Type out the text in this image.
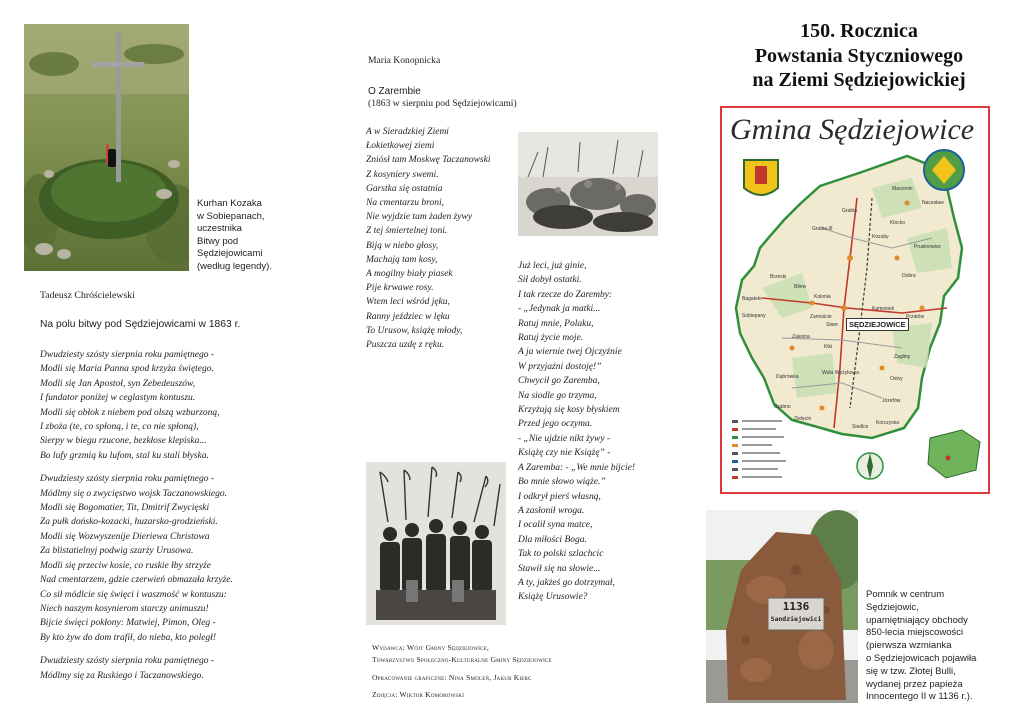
Kurhan Kozaka
w Sobiepanach,
uczestnika
Bitwy pod
Sędziejowicami
(według legendy).
Tadeusz Chróścielewski
Na polu bitwy pod Sędziejowicami w 1863 r.
Dwudziesty szósty sierpnia roku pamiętnego -
Modli się Maria Panna spod krzyża świętego.
Modli się Jan Apostoł, syn Zebedeuszów,
I fundator poniżej w ceglastym kontuszu.
Modli się obłok z niebem pod olszą wzburzoną,
I zboża (te, co spłoną, i te, co nie spłoną),
Sierpy w biegu rzucone, bezkłose klepiska...
Bo lufy grzmią ku lufom, stal ku stali błyska.
Dwudziesty szósty sierpnia roku pamiętnego -
Módlmy się o zwycięstwo wojsk Taczanowskiego.
Modli się Bogomatier, Tit, Dmitrif Zwycięski
Za pułk dońsko-kozacki, huzarsko-grodzieński.
Modli się Wozwyszenije Dieriewa Christowa
Za blistatielnyj podwig szarży Urusowa.
Modli się przeciw kosie, co ruskie łby strzyże
Nad cmentarzem, gdzie czerwień obmazała krzyże.
Co sił módlcie się święci i waszmość w kontuszu:
Niech naszym kosynierom starczy animuszu!
Bijcie święci pokłony: Matwiej, Pimon, Oleg -
By kto żyw do dom trafił, do nieba, kto poległ!
Dwudziesty szósty sierpnia roku pamiętnego -
Módlmy się za Ruskiego i Taczanowskiego.
Maria Konopnicka
O Zarembie
(1863 w sierpniu pod Sędziejowicami)
A w Sieradzkiej Ziemi
Łokietkowej ziemi
Zniósł tam Moskwę Taczanowski
Z kosyniery swemi.
Garstka się ostatnia
Na cmentarzu broni,
Nie wyjdzie tam żaden żywy
Z tej śmiertelnej toni.
Biją w niebo głosy,
Machają tam kosy,
A mogilny biały piasek
Pije krwawe rosy.
Wtem leci wśród jęku,
Ranny jeździec w lęku
To Urusow, książę młody,
Puszcza uzdę z ręku.
Już leci, już ginie,
Sił dobył ostatki.
I tak rzecze do Zaremby:
- „Jedynak ja matki...
Ratuj mnie, Polaku,
Ratuj życie moje.
A ja wiernie twej Ojczyźnie
W przyjaźni dostoję!”
Chwycił go Zaremba,
Na siodle go trzyma,
Krzyżują się kosy błyskiem
Przed jego oczyma.
- „Nie ujdzie nikt żywy -
Książę czy nie Książę” -
A Zaremba: - „We mnie bijcie!
Bo mnie słowo wiąże.”
I odkrył pierś własną,
A zasłonił wroga.
I ocalił syna matce,
Dla miłości Boga.
Tak to polski szlachcic
Stawił się na słowie...
A ty, jakżeś go dotrzymał,
Książę Urusowie?
Wydawca: Wójt Gminy Sędziejowice,
Towarzystwo Społeczno-Kulturalne Gminy Sędziejowice
Opracowanie graficzne: Nina Smoleń, Jakub Kierc
Zdjęcia: Wiktor Komorowski
150. Rocznica
Powstania Styczniowego
na Ziemi Sędziejowickiej
Gmina Sędziejowice
SĘDZIEJOWICE
Marzenin
Nacesław
Grabia
Kłocko
Dobra
Kozuby
Prusinowice
Grabia III
Brzeski
Bilew
Bagatele
Sobiepany	Zamoście
Kolonia
Stare
Kamostek
Zaleśna
Kiki
Siedlce
Wola Wężykowa
Grabno
Dąbrówka
Żagliny
Osiny
Przatów
Józefów
Korczyska
Zielęcin
1136
Sandziejowici
Pomnik w centrum
Sędziejowic,
upamiętniający obchody
850-lecia miejscowości
(pierwsza wzmianka
o Sędziejowicach pojawiła
się w tzw. Złotej Bulli,
wydanej przez papieża
Innocentego II w 1136 r.).
